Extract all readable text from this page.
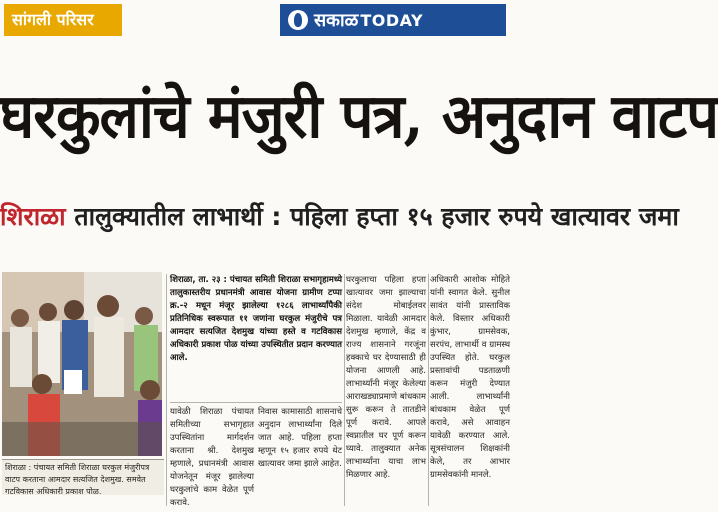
सांगली परिसर	सकाळ TODAY
घरकुलांचे मंजुरी पत्र, अनुदान वाटप
शिराळा तालुक्यातील लाभार्थी : पहिला हप्ता १५ हजार रुपये खात्यावर जमा
शिराळा : पंचायत समिती शिराळा घरकुल मंजुरीपत्र वाटप करताना आमदार सत्यजित देशमुख. समवेत गटविकास अधिकारी प्रकाश पोळ.

शिराळा, ता. २३ : पंचायत समिती शिराळा सभागृहामध्ये तालुकास्तरीय प्रधानमंत्री आवास योजना ग्रामीण टप्पा क्र.-२ मधून मंजूर झालेल्या १२८६ लाभार्थ्यांपैकी प्रतिनिधिक स्वरूपात ११ जणांना घरकुल मंजुरीचे पत्र आमदार सत्यजित देशमुख यांच्या हस्ते व गटविकास अधिकारी प्रकाश पोळ यांच्या उपस्थितीत प्रदान करण्यात आले.

यावेळी शिराळा पंचायत समितीच्या सभागृहात उपस्थितांना मार्गदर्शन करताना श्री. देशमुख म्हणाले, प्रधानमंत्री आवास योजनेतून मंजूर झालेल्या घरकुलांचे काम वेळेत पूर्ण करावे.

निवास कामासाठी शासनाचे अनुदान लाभार्थ्यांना दिले जात आहे. पहिला हप्ता म्हणून १५ हजार रुपये थेट खात्यावर जमा झाले आहेत.

घरकुलाचा पहिला हप्ता खात्यावर जमा झाल्याचा संदेश मोबाईलवर मिळाला. यावेळी आमदार देशमुख म्हणाले, केंद्र व राज्य शासनाने गरजूंना हक्काचे घर देण्यासाठी ही योजना आणली आहे. लाभार्थ्यांनी मंजूर केलेल्या आराखड्याप्रमाणे बांधकाम सुरू करून ते तातडीने पूर्ण करावे. आपले स्वप्नातील घर पूर्ण करून घ्यावे. तालुक्यात अनेक लाभार्थ्यांना याचा लाभ मिळणार आहे.

अधिकारी आशोक मोहिते यांनी स्वागत केले. सुनील सावंत यांनी प्रास्ताविक केले. विस्तार अधिकारी कुंभार, ग्रामसेवक, सरपंच, लाभार्थी व ग्रामस्थ उपस्थित होते. घरकुल प्रस्तावांची पडताळणी करून मंजुरी देण्यात आली. लाभार्थ्यांनी बांधकाम वेळेत पूर्ण करावे, असे आवाहन यावेळी करण्यात आले. सूत्रसंचालन शिक्षकांनी केले, तर आभार ग्रामसेवकांनी मानले.
